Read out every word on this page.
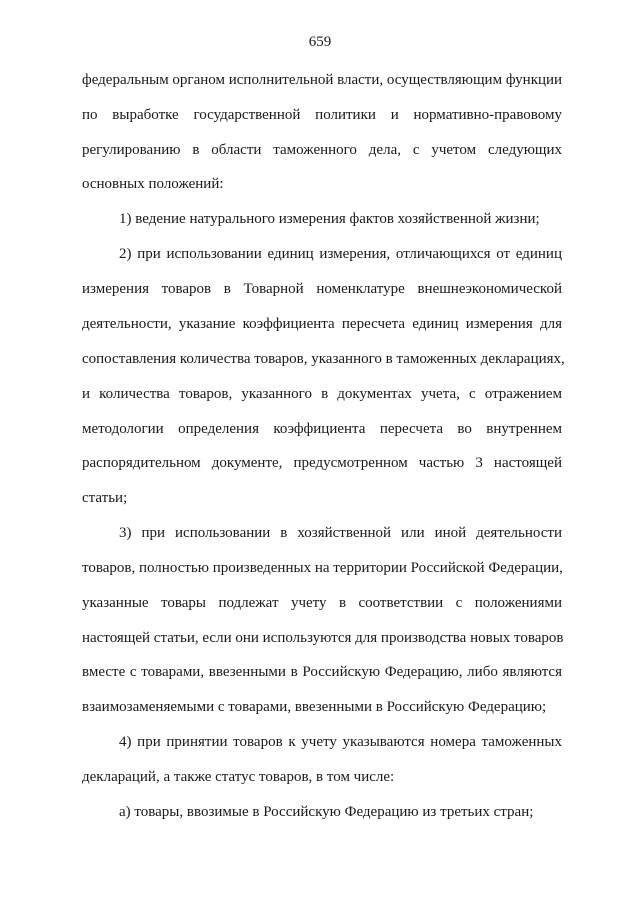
659
федеральным органом исполнительной власти, осуществляющим функции
по выработке государственной политики и нормативно-правовому
регулированию в области таможенного дела, с учетом следующих
основных положений:
1) ведение натурального измерения фактов хозяйственной жизни;
2) при использовании единиц измерения, отличающихся от единиц
измерения товаров в Товарной номенклатуре внешнеэкономической
деятельности, указание коэффициента пересчета единиц измерения для
сопоставления количества товаров, указанного в таможенных декларациях,
и количества товаров, указанного в документах учета, с отражением
методологии определения коэффициента пересчета во внутреннем
распорядительном документе, предусмотренном частью 3 настоящей
статьи;
3) при использовании в хозяйственной или иной деятельности
товаров, полностью произведенных на территории Российской Федерации,
указанные товары подлежат учету в соответствии с положениями
настоящей статьи, если они используются для производства новых товаров
вместе с товарами, ввезенными в Российскую Федерацию, либо являются
взаимозаменяемыми с товарами, ввезенными в Российскую Федерацию;
4) при принятии товаров к учету указываются номера таможенных
деклараций, а также статус товаров, в том числе:
а) товары, ввозимые в Российскую Федерацию из третьих стран;
